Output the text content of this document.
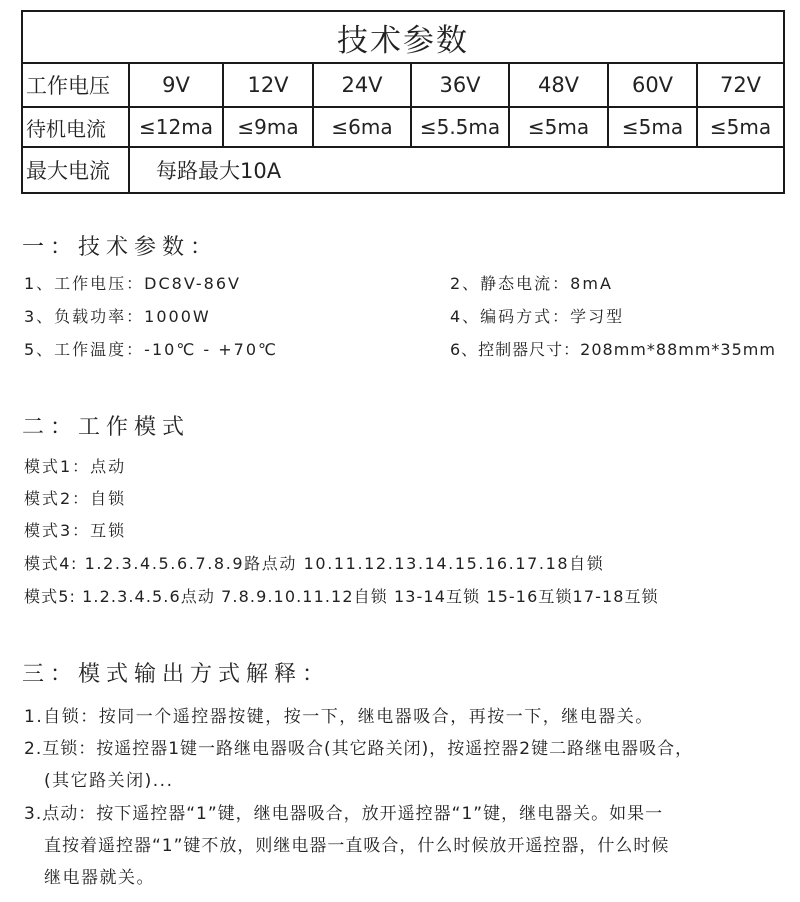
技术参数							
工作电压	9V	12V	24V	36V	48V	60V	72V
待机电流	≤12ma	≤9ma	≤6ma	≤5.5ma	≤5ma	≤5ma	≤5ma
最大电流	每路最大10A						
一：技术参数：
1、工作电压：DC8V-86V	2、静态电流：8mA
3、负载功率：1000W	4、编码方式：学习型
5、工作温度：-10℃ - +70℃	6、控制器尺寸：208mm*88mm*35mm
二：工作模式
模式1：点动
模式2：自锁
模式3：互锁
模式4: 1.2.3.4.5.6.7.8.9路点动 10.11.12.13.14.15.16.17.18自锁
模式5: 1.2.3.4.5.6点动 7.8.9.10.11.12自锁 13-14互锁 15-16互锁17-18互锁
三：模式输出方式解释：
1.自锁：按同一个遥控器按键，按一下，继电器吸合，再按一下，继电器关。
2.互锁：按遥控器1键一路继电器吸合(其它路关闭)，按遥控器2键二路继电器吸合，
(其它路关闭)...
3.点动：按下遥控器“1”键，继电器吸合，放开遥控器“1”键，继电器关。如果一
直按着遥控器“1”键不放，则继电器一直吸合，什么时候放开遥控器，什么时候
继电器就关。
